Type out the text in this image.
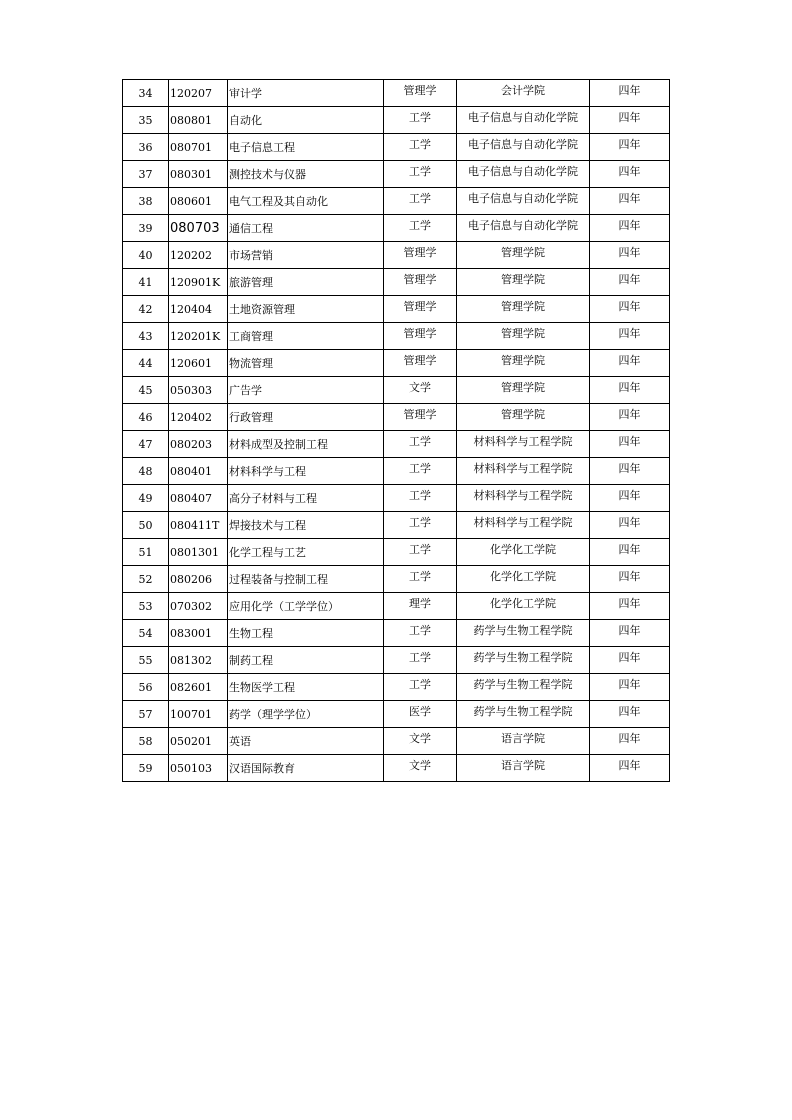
34	120207	审计学	管理学	会计学院	四年
35	080801	自动化	工学	电子信息与自动化学院	四年
36	080701	电子信息工程	工学	电子信息与自动化学院	四年
37	080301	测控技术与仪器	工学	电子信息与自动化学院	四年
38	080601	电气工程及其自动化	工学	电子信息与自动化学院	四年
39	080703	通信工程	工学	电子信息与自动化学院	四年
40	120202	市场营销	管理学	管理学院	四年
41	120901K	旅游管理	管理学	管理学院	四年
42	120404	土地资源管理	管理学	管理学院	四年
43	120201K	工商管理	管理学	管理学院	四年
44	120601	物流管理	管理学	管理学院	四年
45	050303	广告学	文学	管理学院	四年
46	120402	行政管理	管理学	管理学院	四年
47	080203	材料成型及控制工程	工学	材料科学与工程学院	四年
48	080401	材料科学与工程	工学	材料科学与工程学院	四年
49	080407	高分子材料与工程	工学	材料科学与工程学院	四年
50	080411T	焊接技术与工程	工学	材料科学与工程学院	四年
51	0801301	化学工程与工艺	工学	化学化工学院	四年
52	080206	过程装备与控制工程	工学	化学化工学院	四年
53	070302	应用化学（工学学位）	理学	化学化工学院	四年
54	083001	生物工程	工学	药学与生物工程学院	四年
55	081302	制药工程	工学	药学与生物工程学院	四年
56	082601	生物医学工程	工学	药学与生物工程学院	四年
57	100701	药学（理学学位）	医学	药学与生物工程学院	四年
58	050201	英语	文学	语言学院	四年
59	050103	汉语国际教育	文学	语言学院	四年
